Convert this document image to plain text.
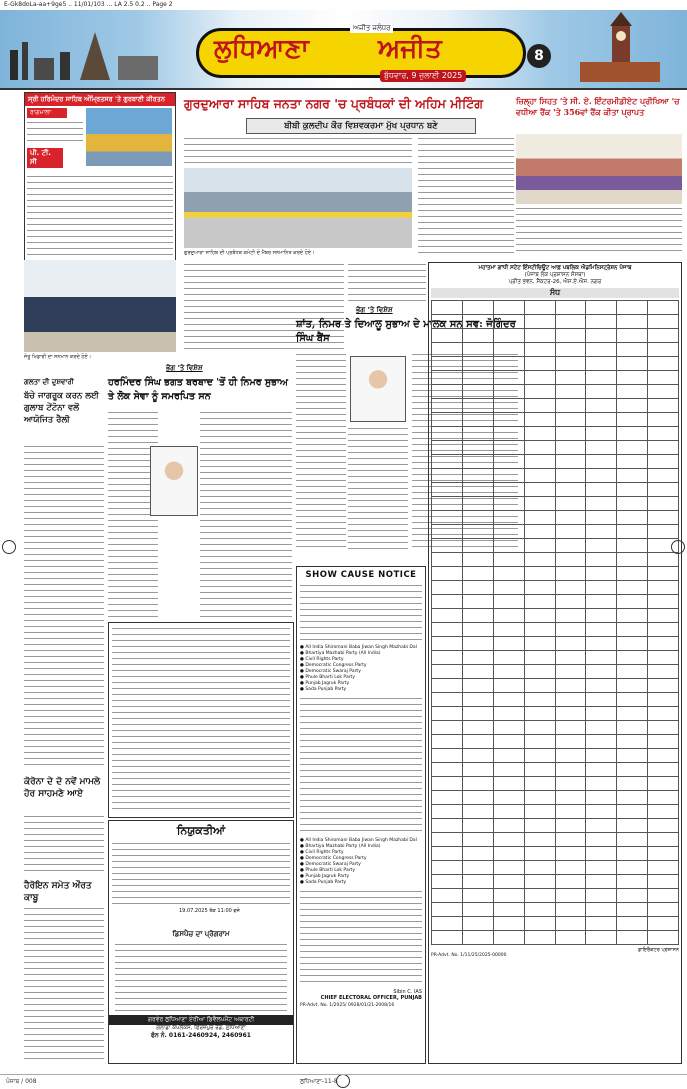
E-Gk8doLa-aa+9ge5 .. 11/01/103 ... LA 2.5 0.2 .. Page 2
ਅਜੀਤ ਜਲੰਧਰ
ਲੁਧਿਆਣਾ	ਅਜੀਤ
ਬੁੱਧਵਾਰ, 9 ਜੁਲਾਈ 2025
8
ਸ੍ਰੀ ਹਰਿਮੰਦਰ ਸਾਹਿਬ ਅੰਮ੍ਰਿਤਸਰ 'ਤੇ ਗੁਰਬਾਣੀ ਕੀਰਤਨ
ਰਾਗਮਾਲਾ
ਪੀ. ਟੀ. ਸੀ
ਗੁਰਦੁਆਰਾ ਸਾਹਿਬ ਜਨਤਾ ਨਗਰ 'ਚ ਪ੍ਰਬੰਧਕਾਂ ਦੀ ਅਹਿਮ ਮੀਟਿੰਗ
ਬੀਬੀ ਕੁਲਦੀਪ ਕੌਰ ਵਿਸ਼ਵਕਰਮਾ ਮੁੱਖ ਪ੍ਰਧਾਨ ਬਣੇ
ਗੁਰਦੁਆਰਾ ਸਾਹਿਬ ਦੀ ਪ੍ਰਬੰਧਕ ਕਮੇਟੀ ਦੇ ਮੈਂਬਰ ਸਨਮਾਨਿਤ ਕਰਦੇ ਹੋਏ।
ਜ਼ਿਲ੍ਹਾ ਸਿਹਤ 'ਤੇ ਸੀ. ਏ. ਇੰਟਰਮੀਡੀਏਟ ਪ੍ਰੀਖਿਆ 'ਚ ਵਧੀਆ ਰੈਂਕ 'ਤੇ 356ਵਾਂ ਰੈਂਕ ਕੀਤਾ ਪ੍ਰਾਪਤ
ਜੇਤੂ ਖਿਡਾਰੀ ਦਾ ਸਨਮਾਨ ਕਰਦੇ ਹੋਏ।
ਭੋਗ 'ਤੇ ਵਿਸ਼ੇਸ਼
ਸ਼ਾਂਤ, ਨਿਮਰ ਤੇ ਦਿਆਲੂ ਸੁਭਾਅ ਦੇ ਮਾਲਕ ਸਨ ਸਵ: ਜੋਗਿੰਦਰ ਸਿੰਘ ਬੈਂਸ
ਗਲਤਾ ਦੀ ਦੁਸ਼ਵਾਰੀ
ਬੱਚੇ ਜਾਗਰੂਕ ਕਰਨ ਲਈ ਗੁਲਾਬ ਟੇਂਟੋਨਾ ਵਲੋਂ ਆਯੋਜਿਤ ਰੈਲੀ
ਭੋਗ 'ਤੇ ਵਿਸ਼ੇਸ਼
ਹਰਮਿੰਦਰ ਸਿੰਘ ਭਗਤ ਬਰਬਾਦ 'ਤੋਂ ਹੀ ਨਿਮਰ ਸੁਭਾਅ ਤੇ ਲੋਕ ਸੇਵਾ ਨੂੰ ਸਮਰਪਿਤ ਸਨ
ਕੋਰੋਨਾ ਦੇ ਦੋ ਨਵੇਂ ਮਾਮਲੇ ਹੋਰ ਸਾਹਮਣੇ ਆਏ
ਹੈਰੋਇਨ ਸਮੇਤ ਔਰਤ ਕਾਬੂ
ਨਿਯੁਕਤੀਆਂ
19.07.2025 ਤੱਕ 11:00 ਵਜੇ
ਡਿਸਪੈਚ ਦਾ ਪ੍ਰੋਗਰਾਮ
ਗਰਵੇਰ ਲੁਧਿਆਣਾ ਏਰੀਆ ਡਿਵੈਲਪਮੈਂਟ ਅਥਾਰਟੀ
ਗਲਾਡਾ ਕੰਪਲੈਕਸ, ਫਿਰੋਜ਼ਪੁਰ ਰੋਡ, ਲੁਧਿਆਣਾ
ਫੋਨ ਨੰ. 0161-2460924, 2460961
SHOW CAUSE NOTICE
● All India Shiromani Baba Jiwan Singh Mazhabi Dal
● Bhartiya Mazhabi Party (All India)
● Civil Rights Party
● Democratic Congress Party
● Democratic Swaraj Party
● Phule Bharti Lok Party
● Punjab Jagruk Party
● Sada Punjab Party
● All India Shiromani Baba Jiwan Singh Mazhabi Dal
● Bhartiya Mazhabi Party (All India)
● Civil Rights Party
● Democratic Congress Party
● Democratic Swaraj Party
● Phule Bharti Lok Party
● Punjab Jagruk Party
● Sada Punjab Party
Sibin C. IAS
CHIEF ELECTORAL OFFICER, PUNJAB
PR-Advt. No. 1/2025/ 0928/01/21-2008/16
ਮਹਾਤਮਾ ਗਾਂਧੀ ਸਟੇਟ ਇੰਸਟੀਚਿਊਟ ਆਫ਼ ਪਬਲਿਕ ਐਡਮਿਨਿਸਟ੍ਰੇਸ਼ਨ ਪੰਜਾਬ
(ਪੰਜਾਬ ਲੋਕ ਪ੍ਰਸ਼ਾਸਨ ਸੰਸਥਾ)
ਪ੍ਰੀਤ ਭਵਨ, ਸੈਕਟਰ-26, ਐਸ.ਏ.ਐਸ. ਨਗਰ
ਸੰਧ

ਡਾਇਰੈਕਟਰ ਪ੍ਰਸ਼ਾਸਨ
PR-Advt. No. 1/11/25/2025-00000
ਪੰਜਾਬ / 008	ਲੁਧਿਆਣਾ-11-8
